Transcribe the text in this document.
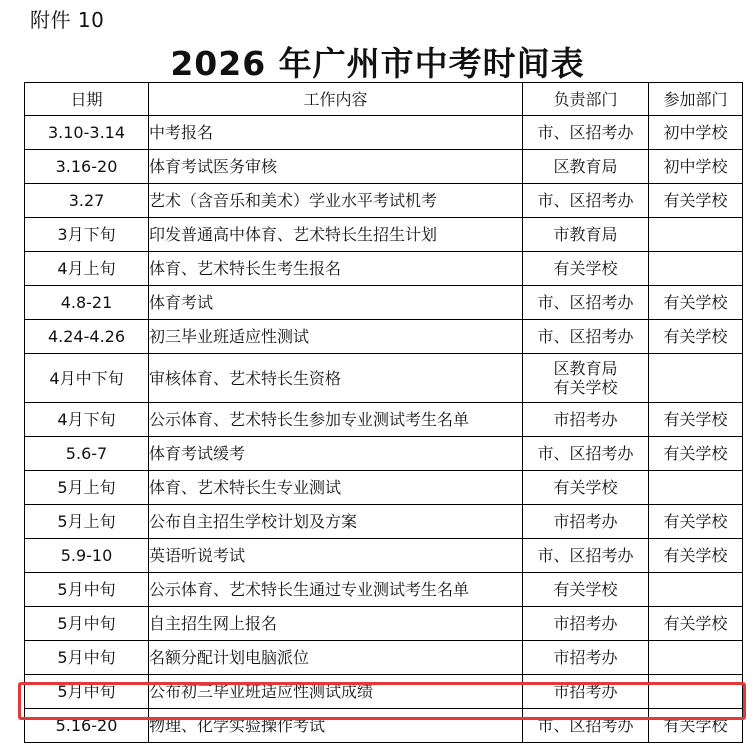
附件 10
2026 年广州市中考时间表
日期	工作内容	负责部门	参加部门
3.10-3.14	中考报名	市、区招考办	初中学校
3.16-20	体育考试医务审核	区教育局	初中学校
3.27	艺术（含音乐和美术）学业水平考试机考	市、区招考办	有关学校
3月下旬	印发普通高中体育、艺术特长生招生计划	市教育局	

4月上旬	体育、艺术特长生考生报名	有关学校	

4.8-21	体育考试	市、区招考办	有关学校
4.24-4.26	初三毕业班适应性测试	市、区招考办	有关学校
4月中下旬	审核体育、艺术特长生资格	区教育局
有关学校	

4月下旬	公示体育、艺术特长生参加专业测试考生名单	市招考办	有关学校
5.6-7	体育考试缓考	市、区招考办	有关学校
5月上旬	体育、艺术特长生专业测试	有关学校	

5月上旬	公布自主招生学校计划及方案	市招考办	有关学校
5.9-10	英语听说考试	市、区招考办	有关学校
5月中旬	公示体育、艺术特长生通过专业测试考生名单	有关学校	

5月中旬	自主招生网上报名	市招考办	有关学校
5月中旬	名额分配计划电脑派位	市招考办	

5月中旬	公布初三毕业班适应性测试成绩	市招考办	

5.16-20	物理、化学实验操作考试	市、区招考办	有关学校
